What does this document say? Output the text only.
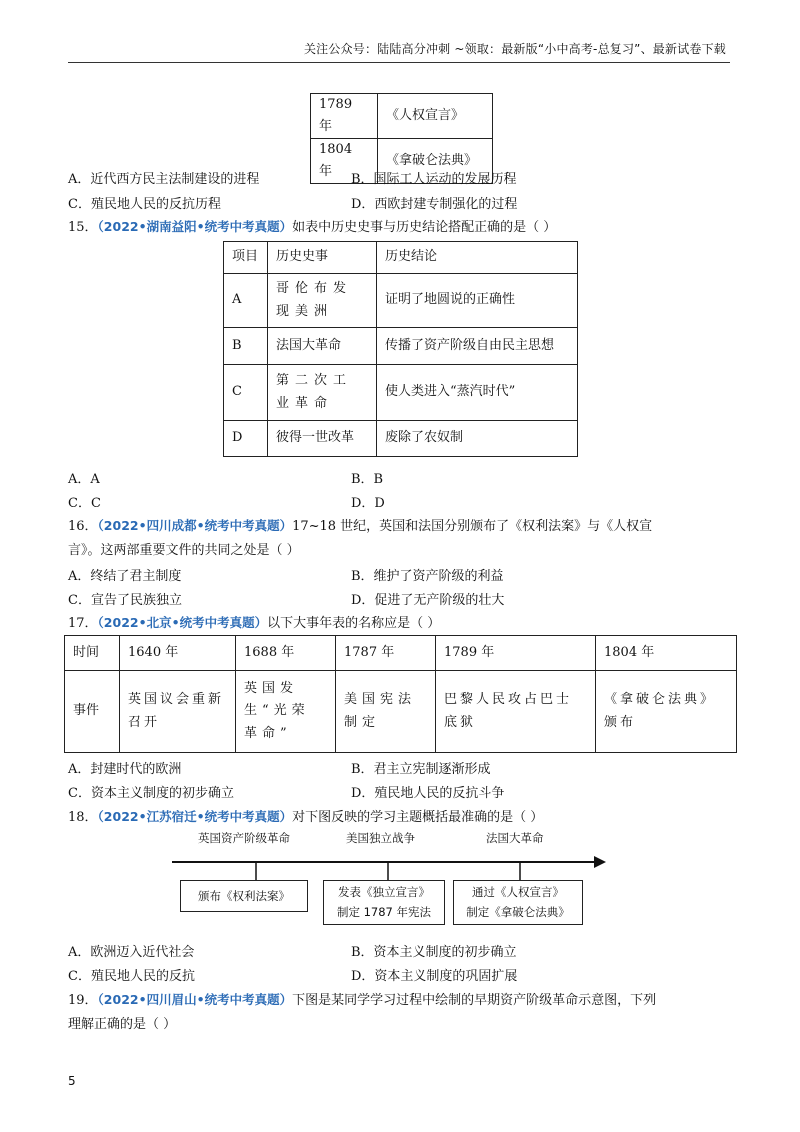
关注公众号：陆陆高分冲刺 ~领取：最新版“小中高考-总复习”、最新试卷下载
1789 年	《人权宣言》
1804 年	《拿破仑法典》
A．近代西方民主法制建设的进程	B．国际工人运动的发展历程
C．殖民地人民的反抗历程	D．西欧封建专制强化的过程
15．（2022•湖南益阳•统考中考真题）如表中历史史事与历史结论搭配正确的是（ ）
项目	历史史事	历史结论
A	哥伦布发现美洲	证明了地圆说的正确性
B	法国大革命	传播了资产阶级自由民主思想
C	第二次工业革命	使人类进入“蒸汽时代”
D	彼得一世改革	废除了农奴制
A．A	B．B
C．C	D．D
16．（2022•四川成都•统考中考真题）17~18 世纪，英国和法国分别颁布了《权利法案》与《人权宣
言》。这两部重要文件的共同之处是（ ）
A．终结了君主制度	B．维护了资产阶级的利益
C．宣告了民族独立	D．促进了无产阶级的壮大
17．（2022•北京•统考中考真题）以下大事年表的名称应是（ ）
时间	1640 年	1688 年	1787 年	1789 年	1804 年
事件	英国议会重新召开	英国发生“光荣革命”	美国宪法制定	巴黎人民攻占巴士底狱	《拿破仑法典》颁布
A．封建时代的欧洲	B．君主立宪制逐渐形成
C．资本主义制度的初步确立	D．殖民地人民的反抗斗争
18．（2022•江苏宿迁•统考中考真题）对下图反映的学习主题概括最准确的是（ ）
英国资产阶级革命	美国独立战争	法国大革命
颁布《权利法案》	发表《独立宣言》
制定 1787 年宪法
通过《人权宣言》
制定《拿破仑法典》
A．欧洲迈入近代社会	B．资本主义制度的初步确立
C．殖民地人民的反抗	D．资本主义制度的巩固扩展
19．（2022•四川眉山•统考中考真题）下图是某同学学习过程中绘制的早期资产阶级革命示意图，下列
理解正确的是（ ）
5
